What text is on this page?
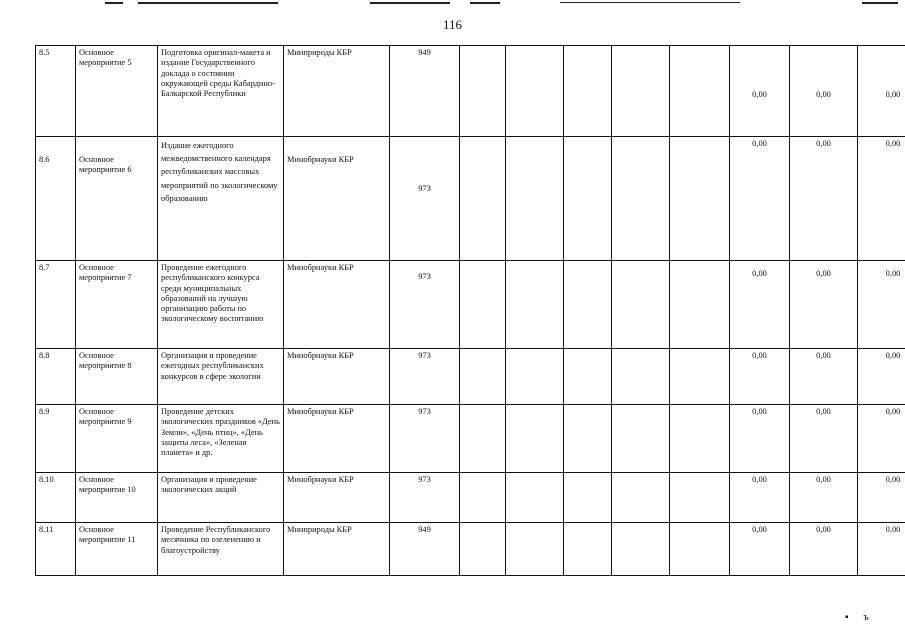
116
8.5	Основное мероприятие 5	Подготовка оригинал-макета и издание Государственного доклада о состоянии окружающей среды Кабардино-Балкарской Республики	Минприроды КБР	949						0,00	0,00	0,00

8.6	Основное мероприятие 6	Издание ежегодного межведомственного календаря республиканских массовых мероприятий по экологическому образованию	Минобрнауки КБР	973						0,00	0,00	0,00

8.7	Основное мероприятие 7	Проведение ежегодного республиканского конкурса среди муниципальных образований на лучшую организацию работы по экологическому воспитанию	Минобрнауки КБР	973						0,00	0,00	0,00

8.8	Основное мероприятие 8	Организация и проведение ежегодных республиканских конкурсов в сфере экологии	Минобрнауки КБР	973						0,00	0,00	0,00

8.9	Основное мероприятие 9	Проведение детских экологических праздников «День Земли», «День птиц», «День защиты леса», «Зеленая планета» и др.	Минобрнауки КБР	973						0,00	0,00	0,00

8.10	Основное мероприятие 10	Организация и проведение экологических акций	Минобрнауки КБР	973						0,00	0,00	0,00

8.11	Основное мероприятие 11	Проведение Республиканского месячника по озеленению и благоустройству	Минприроды КБР	949						0,00	0,00	0,00
▪      ъ
